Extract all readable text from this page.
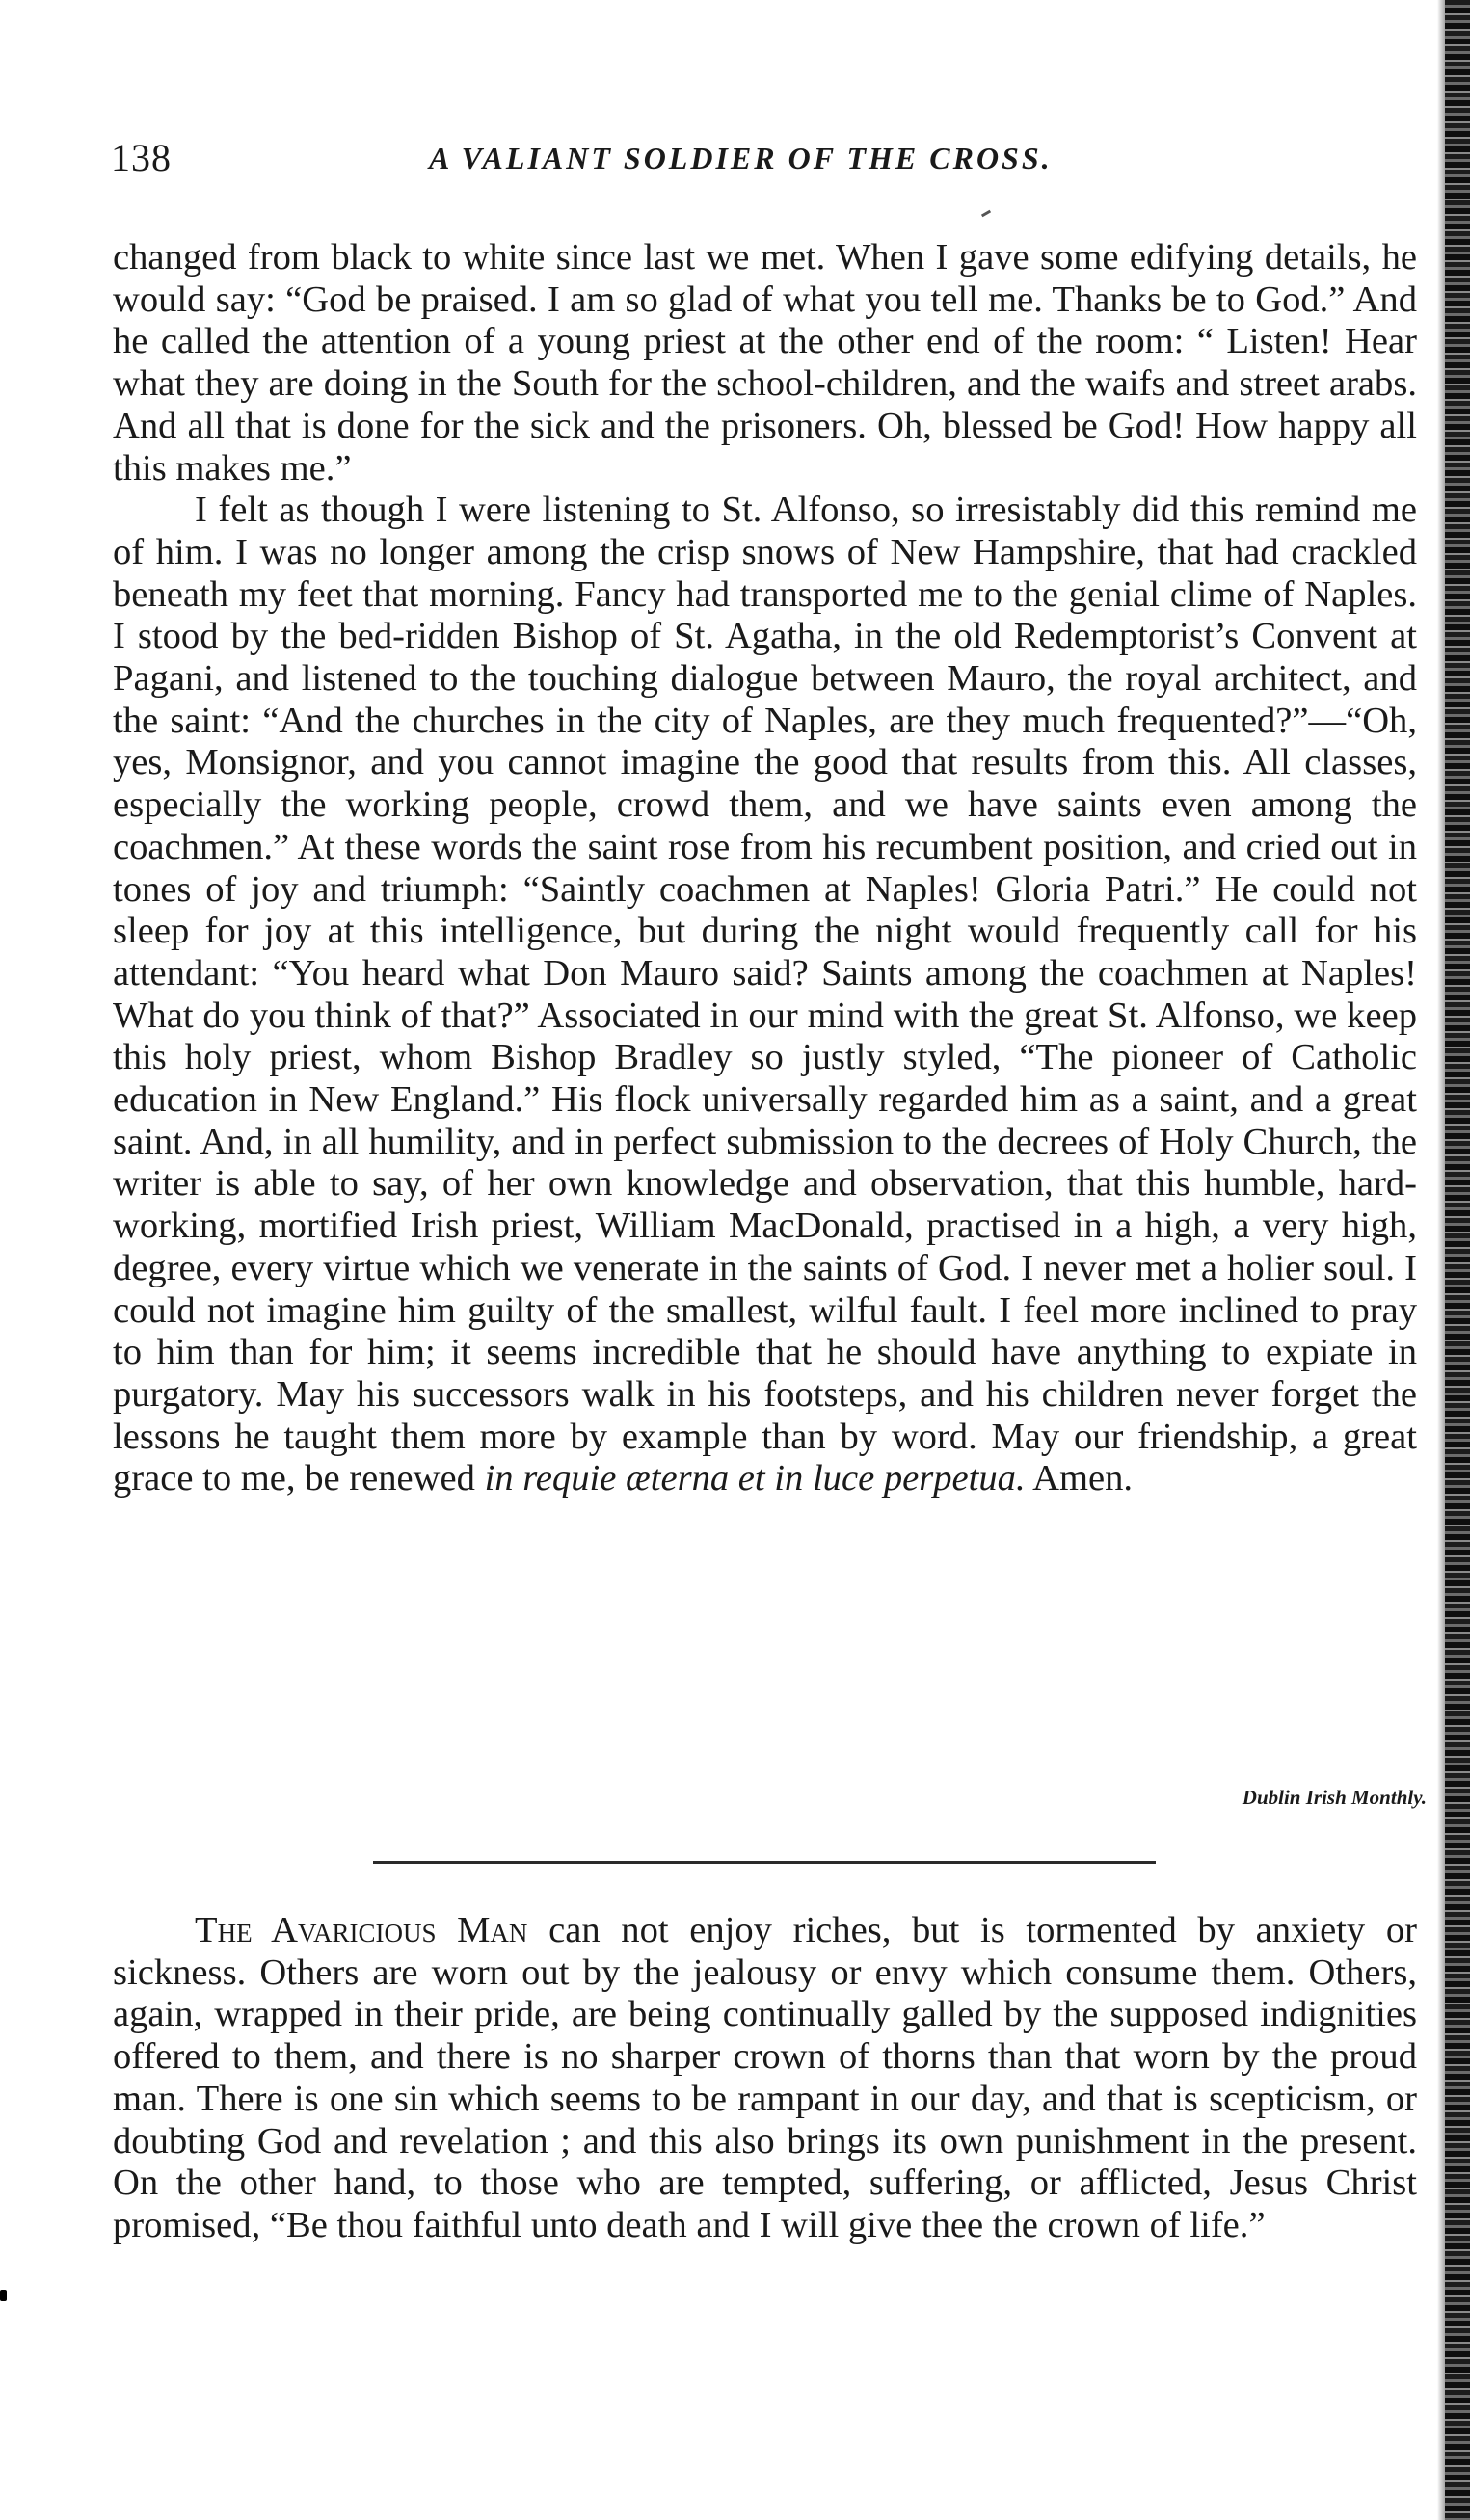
138	A VALIANT SOLDIER OF THE CROSS.

changed from black to white since last we met. When I gave some edifying details, he would say: “God be praised. I am so glad of what you tell me. Thanks be to God.” And he called the attention of a young priest at the other end of the room: “ Listen! Hear what they are doing in the South for the school-children, and the waifs and street arabs. And all that is done for the sick and the prisoners. Oh, blessed be God! How happy all this makes me.”

I felt as though I were listening to St. Alfonso, so irresistably did this remind me of him. I was no longer among the crisp snows of New Hampshire, that had crackled beneath my feet that morning. Fancy had transported me to the genial clime of Naples. I stood by the bed-ridden Bishop of St. Agatha, in the old Redemptorist’s Convent at Pagani, and listened to the touching dialogue between Mauro, the royal architect, and the saint: “And the churches in the city of Naples, are they much frequented?”—“Oh, yes, Monsignor, and you cannot imagine the good that results from this. All classes, especially the working people, crowd them, and we have saints even among the coachmen.” At these words the saint rose from his recumbent position, and cried out in tones of joy and triumph: “Saintly coachmen at Naples! Gloria Patri.” He could not sleep for joy at this intelligence, but during the night would frequently call for his attendant: “You heard what Don Mauro said? Saints among the coachmen at Naples! What do you think of that?” Associated in our mind with the great St. Alfonso, we keep this holy priest, whom Bishop Bradley so justly styled, “The pioneer of Catholic education in New England.” His flock universally regarded him as a saint, and a great saint. And, in all humility, and in perfect submission to the decrees of Holy Church, the writer is able to say, of her own knowledge and observation, that this humble, hard-working, mortified Irish priest, William MacDonald, practised in a high, a very high, degree, every virtue which we venerate in the saints of God. I never met a holier soul. I could not imagine him guilty of the smallest, wilful fault. I feel more inclined to pray to him than for him; it seems incredible that he should have anything to expiate in purgatory. May his successors walk in his footsteps, and his children never forget the lessons he taught them more by example than by word. May our friendship, a great grace to me, be renewed in requie æterna et in luce perpetua. Amen.

Dublin Irish Monthly.

The Avaricious Man can not enjoy riches, but is tormented by anxiety or sickness. Others are worn out by the jealousy or envy which consume them. Others, again, wrapped in their pride, are being continually galled by the supposed indignities offered to them, and there is no sharper crown of thorns than that worn by the proud man. There is one sin which seems to be rampant in our day, and that is scepticism, or doubting God and revelation ; and this also brings its own punishment in the present. On the other hand, to those who are tempted, suffering, or afflicted, Jesus Christ promised, “Be thou faithful unto death and I will give thee the crown of life.”
